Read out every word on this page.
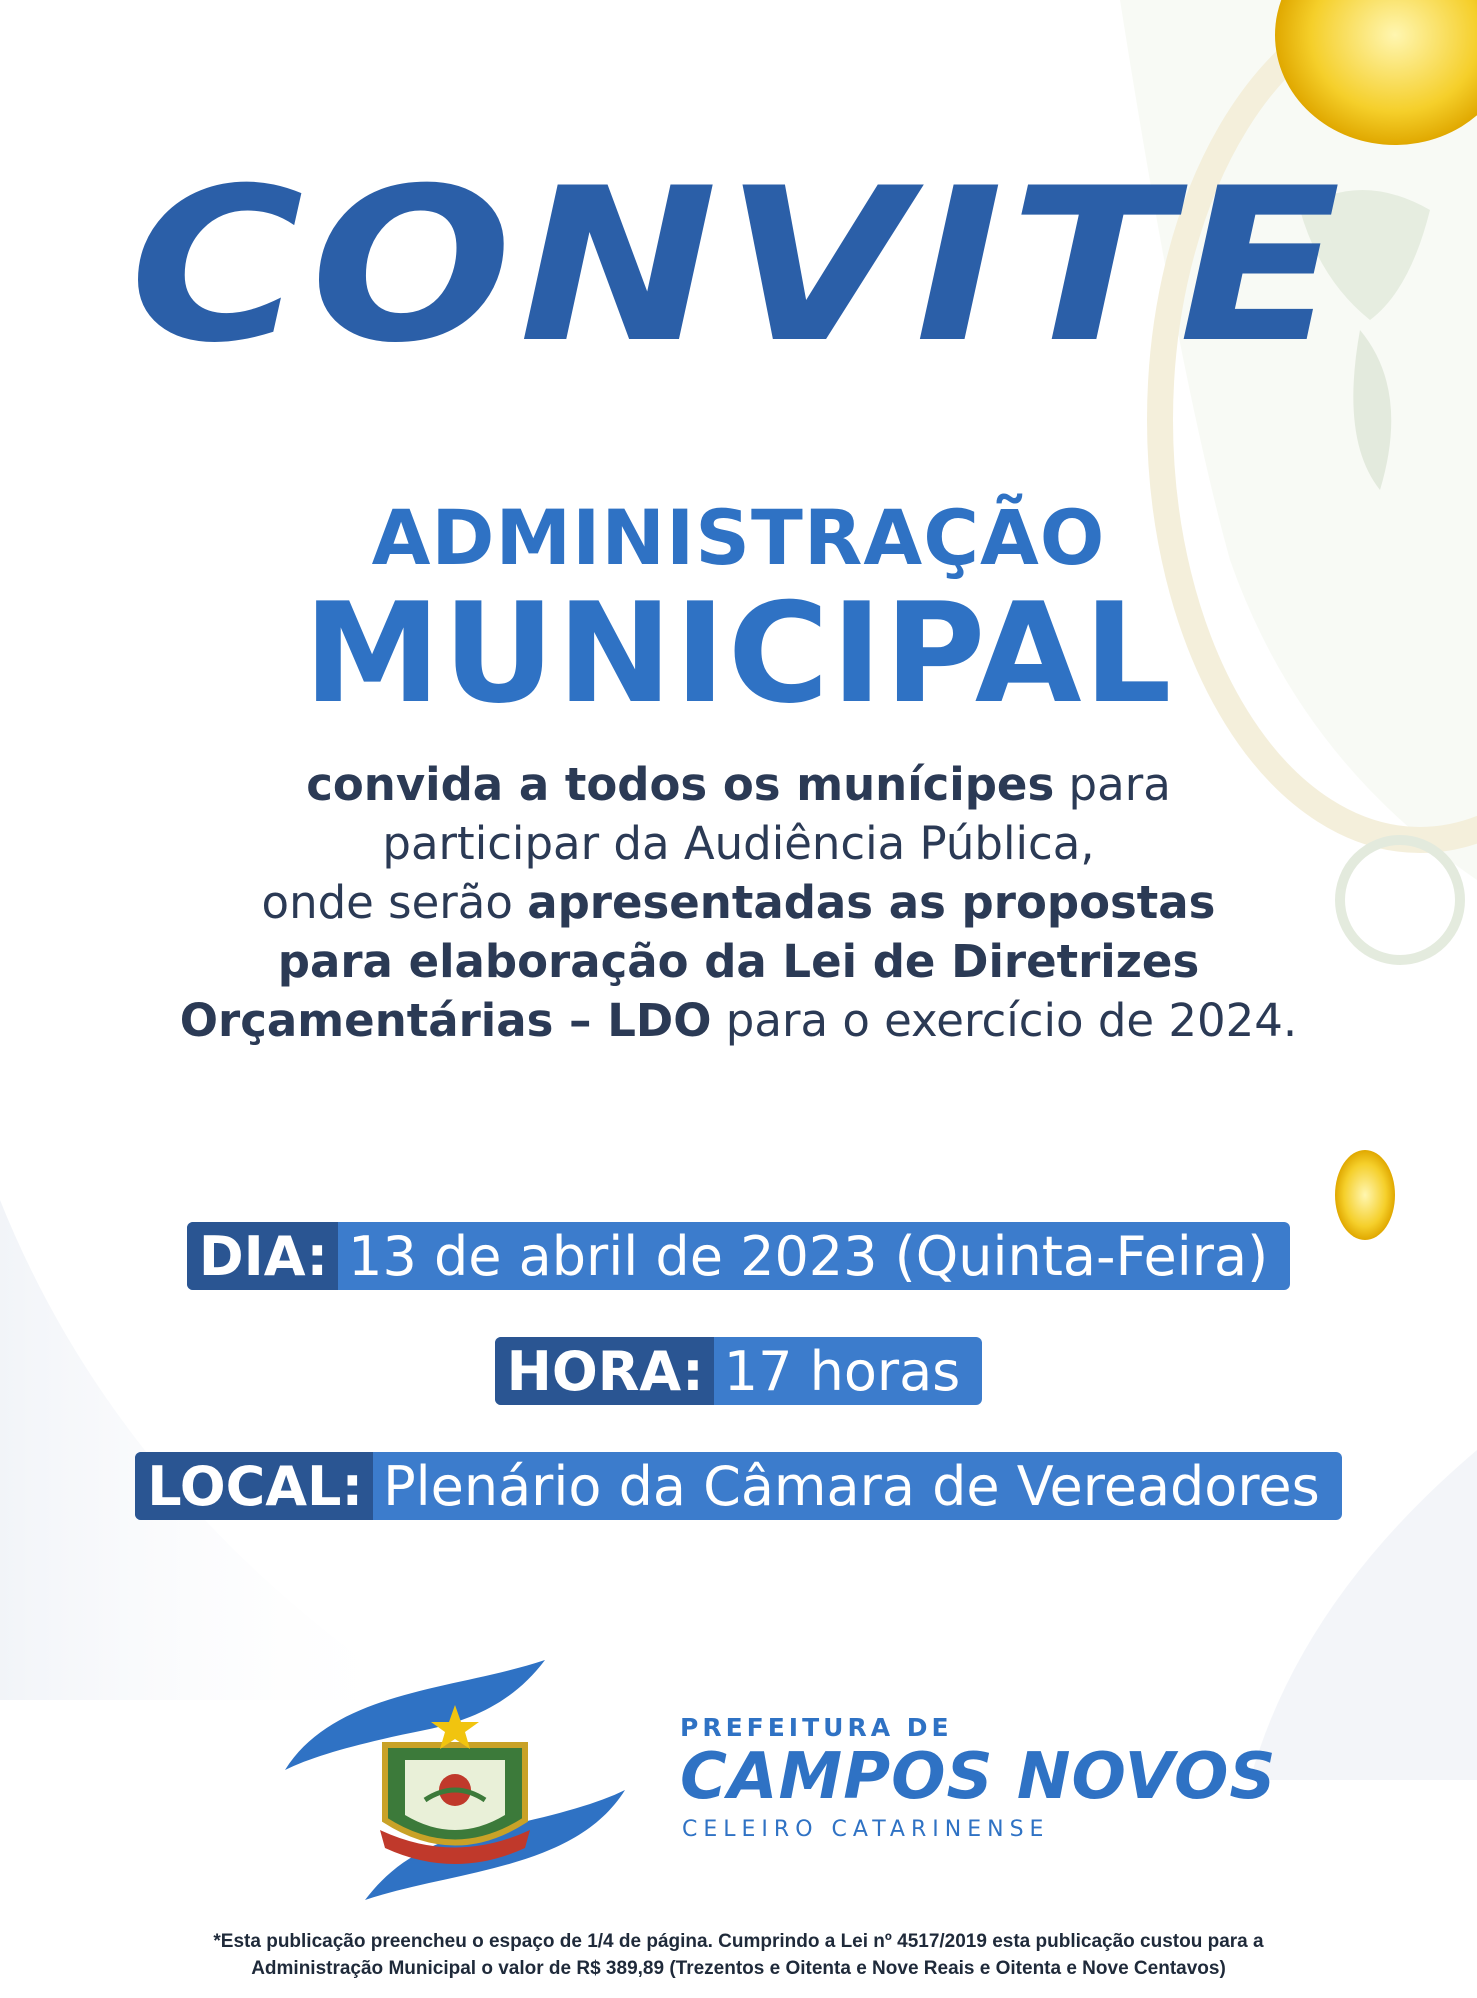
CONVITE
ADMINISTRAÇÃO
MUNICIPAL
convida a todos os munícipes para
participar da Audiência Pública,
onde serão apresentadas as propostas
para elaboração da Lei de Diretrizes
Orçamentárias – LDO para o exercício de 2024.
DIA: 13 de abril de 2023 (Quinta-Feira)
HORA: 17 horas
LOCAL: Plenário da Câmara de Vereadores
PREFEITURA DE
CAMPOS NOVOS
CELEIRO CATARINENSE
*Esta publicação preencheu o espaço de 1/4 de página. Cumprindo a Lei nº 4517/2019 esta publicação custou para a
Administração Municipal o valor de R$ 389,89 (Trezentos e Oitenta e Nove Reais e Oitenta e Nove Centavos)
